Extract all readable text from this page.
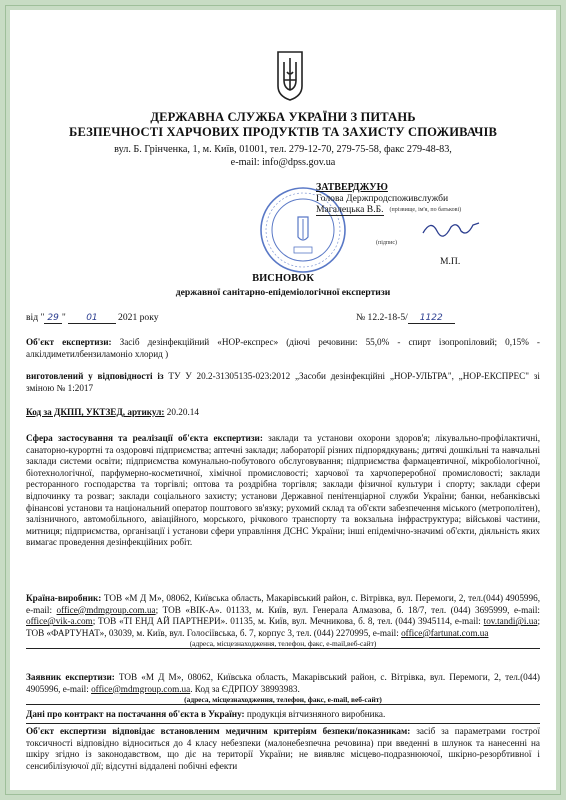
ДЕРЖАВНА СЛУЖБА УКРАЇНИ З ПИТАНЬ
БЕЗПЕЧНОСТІ ХАРЧОВИХ ПРОДУКТІВ ТА ЗАХИСТУ СПОЖИВАЧІВ
вул. Б. Грінченка, 1, м. Київ, 01001, тел. 279-12-70, 279-75-58, факс 279-48-83,
e-mail: info@dpss.gov.ua
ЗАТВЕРДЖУЮ
Голова Держпродспоживслужби
Магалецька В.Б. (прізвище, ім'я, по батькові)
(підпис)
М.П.
ВИСНОВОК
державної санітарно-епідеміологічної експертизи
від " 29 " 01 2021 року	№ 12.2-18-5/ 1122
Об'єкт експертизи: Засіб дезінфекційний «НОР-експрес» (діючі речовини: 55,0% - спирт ізопропіловий; 0,15% - алкілдиметилбензиламоніо хлорид )
виготовлений у відповідності із ТУ У 20.2-31305135-023:2012 „Засоби дезінфекційні „НОР-УЛЬТРА", „НОР-ЕКСПРЕС" зі зміною № 1:2017
Код за ДКПП, УКТЗЕД, артикул: 20.20.14
Сфера застосування та реалізації об'єкта експертизи: заклади та установи охорони здоров'я; лікувально-профілактичні, санаторно-курортні та оздоровчі підприємства; аптечні заклади; лабораторії різних підпорядкувань; дитячі дошкільні та навчальні заклади системи освіти; підприємства комунально-побутового обслуговування; підприємства фармацевтичної, мікробіологічної, біотехнологічної, парфумерно-косметичної, хімічної промисловості; харчової та харчопереробної промисловості; заклади ресторанного господарства та торгівлі; оптова та роздрібна торгівля; заклади фізичної культури і спорту; заклади сфери відпочинку та розваг; заклади соціального захисту; установи Державної пенітенціарної служби України; банки, небанківські фінансові установи та національний оператор поштового зв'язку; рухомий склад та об'єкти забезпечення міського (метрополітен), залізничного, автомобільного, авіаційного, морського, річкового транспорту та вокзальна інфраструктура; військові частини, митниця; підприємства, організації і установи сфери управління ДСНС України; інші епідемічно-значимі об'єкти, діяльність яких вимагає проведення дезінфекційних робіт.
Країна-виробник: ТОВ «М Д М», 08062, Київська область, Макарівський район, с. Вітрівка, вул. Перемоги, 2, тел.(044) 4905996, e-mail: office@mdmgroup.com.ua; ТОВ «ВІК-А». 01133, м. Київ, вул. Генерала Алмазова, б. 18/7, тел. (044) 3695999, e-mail: office@vik-a.com; ТОВ «ТІ ЕНД АЙ ПАРТНЕРИ». 01135, м. Київ, вул. Мечникова, б. 8, тел. (044) 3945114, e-mail: tov.tandi@i.ua; ТОВ «ФАРТУНАТ», 03039, м. Київ, вул. Голосіївська, б. 7, корпус 3, тел. (044) 2270995, e-mail: office@fartunat.com.ua
(адреса, місцезнаходження, телефон, факс, e-mail,веб-сайт)
Заявник експертизи: ТОВ «М Д М», 08062, Київська область, Макарівський район, с. Вітрівка, вул. Перемоги, 2, тел.(044) 4905996, e-mail: office@mdmgroup.com.ua. Код за ЄДРПОУ 38993983.
(адреса, місцезнаходження, телефон, факс, e-mail, веб-сайт)
Дані про контракт на постачання об'єкта в Україну: продукція вітчизняного виробника.
Об'єкт експертизи відповідає встановленим медичним критеріям безпеки/показникам: засіб за параметрами гострої токсичності відповідно відноситься до 4 класу небезпеки (малонебезпечна речовина) при введенні в шлунок та нанесенні на шкіру згідно із законодавством, що діє на території України; не виявляє місцево-подразнюючої, шкірно-резорбтивної і сенсибілізуючої дії; відсутні віддалені побічні ефекти
